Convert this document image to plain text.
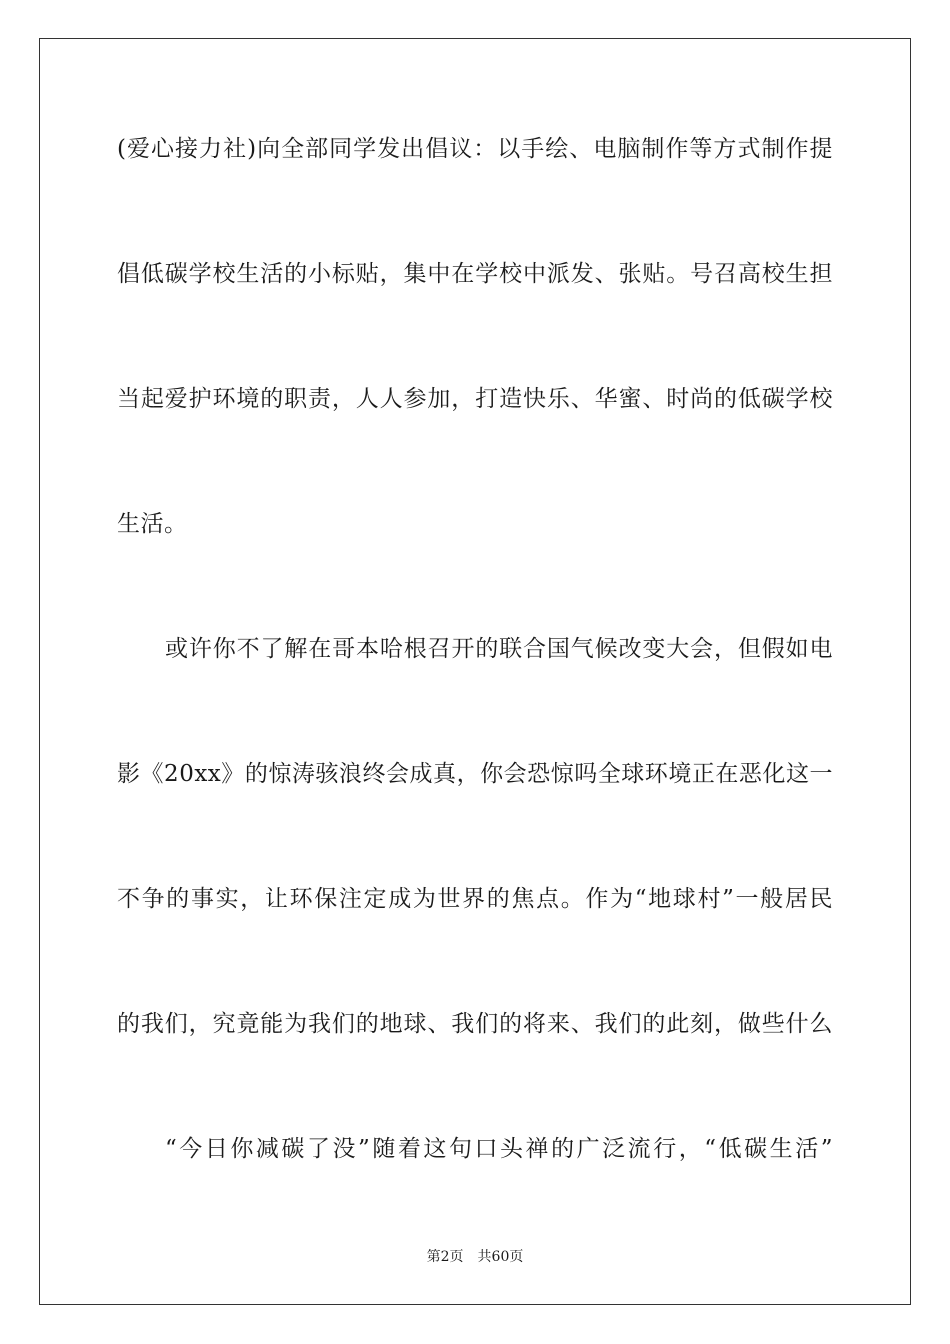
(爱心接力社)向全部同学发出倡议：以手绘、电脑制作等方式制作提
倡低碳学校生活的小标贴，集中在学校中派发、张贴。号召高校生担
当起爱护环境的职责，人人参加，打造快乐、华蜜、时尚的低碳学校
生活。
或许你不了解在哥本哈根召开的联合国气候改变大会，但假如电
影《20xx》的惊涛骇浪终会成真，你会恐惊吗全球环境正在恶化这一
不争的事实，让环保注定成为世界的焦点。作为“地球村”一般居民
的我们，究竟能为我们的地球、我们的将来、我们的此刻，做些什么
“今日你减碳了没”随着这句口头禅的广泛流行，“低碳生活”
第2页 共60页
